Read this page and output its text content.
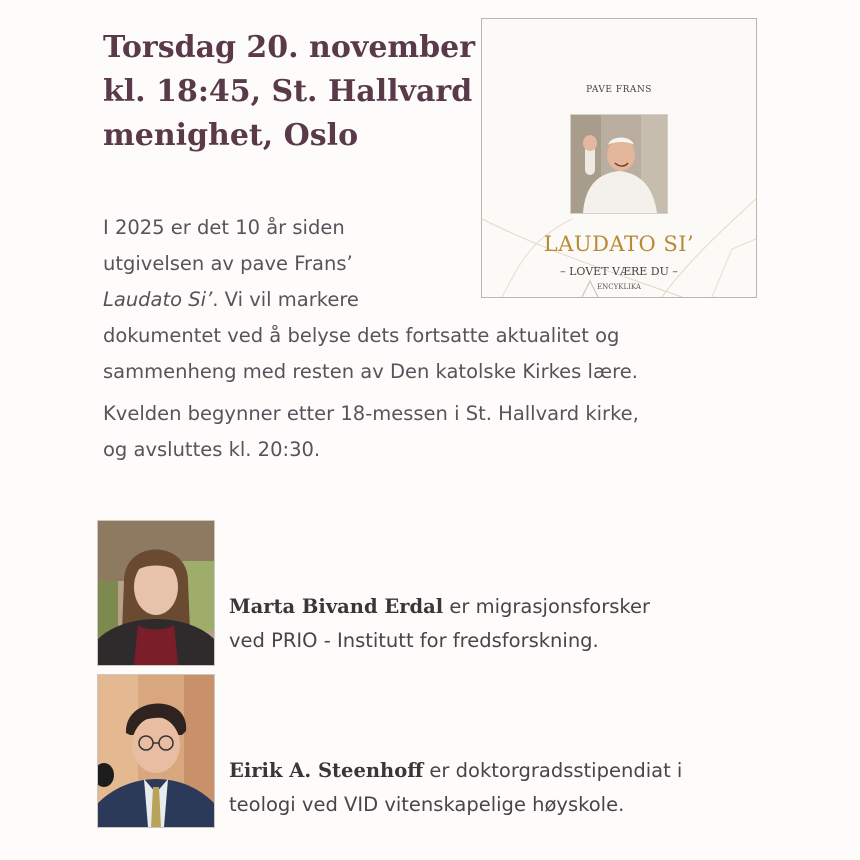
Torsdag 20. november
kl. 18:45, St. Hallvard
menighet, Oslo
PAVE FRANS
LAUDATO SI’
– LOVET VÆRE DU –
ENCYKLIKA

I 2025 er det 10 år siden
utgivelsen av pave Frans’
Laudato Si’. Vi vil markere
dokumentet ved å belyse dets fortsatte aktualitet og
sammenheng med resten av Den katolske Kirkes lære.

Kvelden begynner etter 18-messen i St. Hallvard kirke,
og avsluttes kl. 20:30.

Marta Bivand Erdal er migrasjonsforsker
ved PRIO - Institutt for fredsforskning.

Eirik A. Steenhoff er doktorgradsstipendiat i
teologi ved VID vitenskapelige høyskole.
